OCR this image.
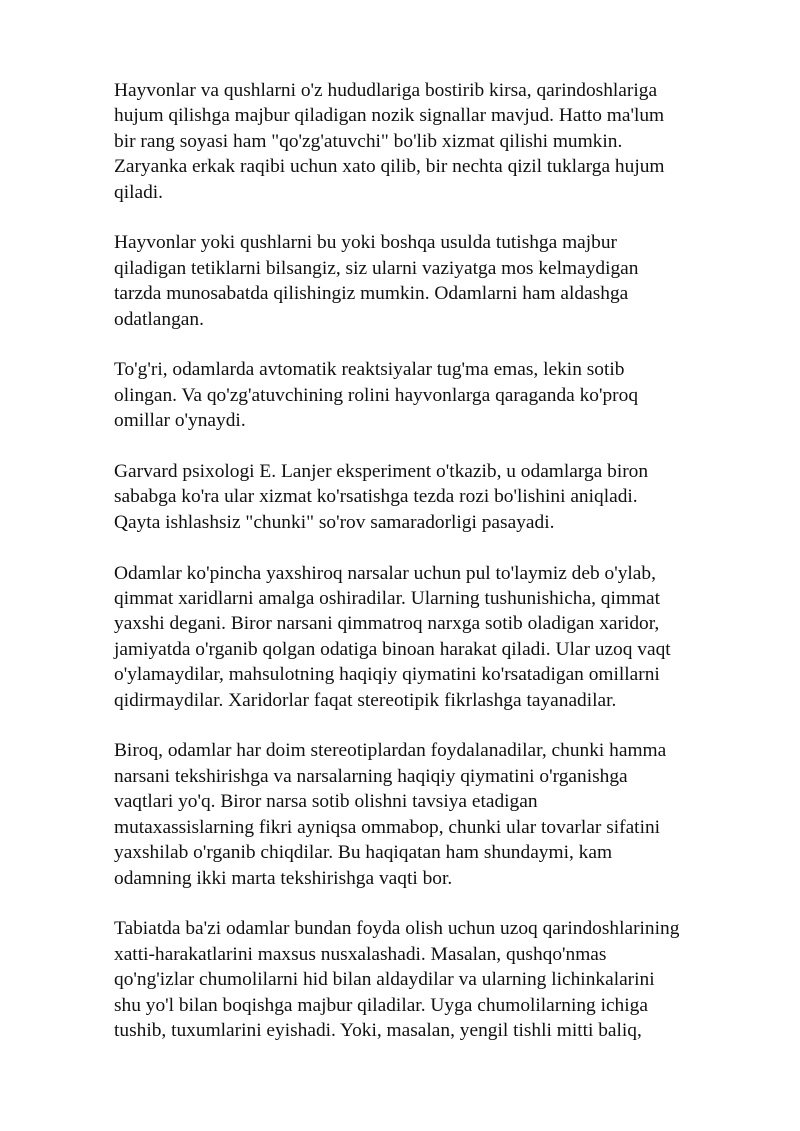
Hayvonlar va qushlarni o'z hududlariga bostirib kirsa, qarindoshlariga
hujum qilishga majbur qiladigan nozik signallar mavjud. Hatto ma'lum
bir rang soyasi ham "qo'zg'atuvchi" bo'lib xizmat qilishi mumkin.
Zaryanka erkak raqibi uchun xato qilib, bir nechta qizil tuklarga hujum
qiladi.

Hayvonlar yoki qushlarni bu yoki boshqa usulda tutishga majbur
qiladigan tetiklarni bilsangiz, siz ularni vaziyatga mos kelmaydigan
tarzda munosabatda qilishingiz mumkin. Odamlarni ham aldashga
odatlangan.

To'g'ri, odamlarda avtomatik reaktsiyalar tug'ma emas, lekin sotib
olingan. Va qo'zg'atuvchining rolini hayvonlarga qaraganda ko'proq
omillar o'ynaydi.

Garvard psixologi E. Lanjer eksperiment o'tkazib, u odamlarga biron
sababga ko'ra ular xizmat ko'rsatishga tezda rozi bo'lishini aniqladi.
Qayta ishlashsiz "chunki" so'rov samaradorligi pasayadi.

Odamlar ko'pincha yaxshiroq narsalar uchun pul to'laymiz deb o'ylab,
qimmat xaridlarni amalga oshiradilar. Ularning tushunishicha, qimmat
yaxshi degani. Biror narsani qimmatroq narxga sotib oladigan xaridor,
jamiyatda o'rganib qolgan odatiga binoan harakat qiladi. Ular uzoq vaqt
o'ylamaydilar, mahsulotning haqiqiy qiymatini ko'rsatadigan omillarni
qidirmaydilar. Xaridorlar faqat stereotipik fikrlashga tayanadilar.

Biroq, odamlar har doim stereotiplardan foydalanadilar, chunki hamma
narsani tekshirishga va narsalarning haqiqiy qiymatini o'rganishga
vaqtlari yo'q. Biror narsa sotib olishni tavsiya etadigan
mutaxassislarning fikri ayniqsa ommabop, chunki ular tovarlar sifatini
yaxshilab o'rganib chiqdilar. Bu haqiqatan ham shundaymi, kam
odamning ikki marta tekshirishga vaqti bor.

Tabiatda ba'zi odamlar bundan foyda olish uchun uzoq qarindoshlarining
xatti-harakatlarini maxsus nusxalashadi. Masalan, qushqo'nmas
qo'ng'izlar chumolilarni hid bilan aldaydilar va ularning lichinkalarini
shu yo'l bilan boqishga majbur qiladilar. Uyga chumolilarning ichiga
tushib, tuxumlarini eyishadi. Yoki, masalan, yengil tishli mitti baliq,
